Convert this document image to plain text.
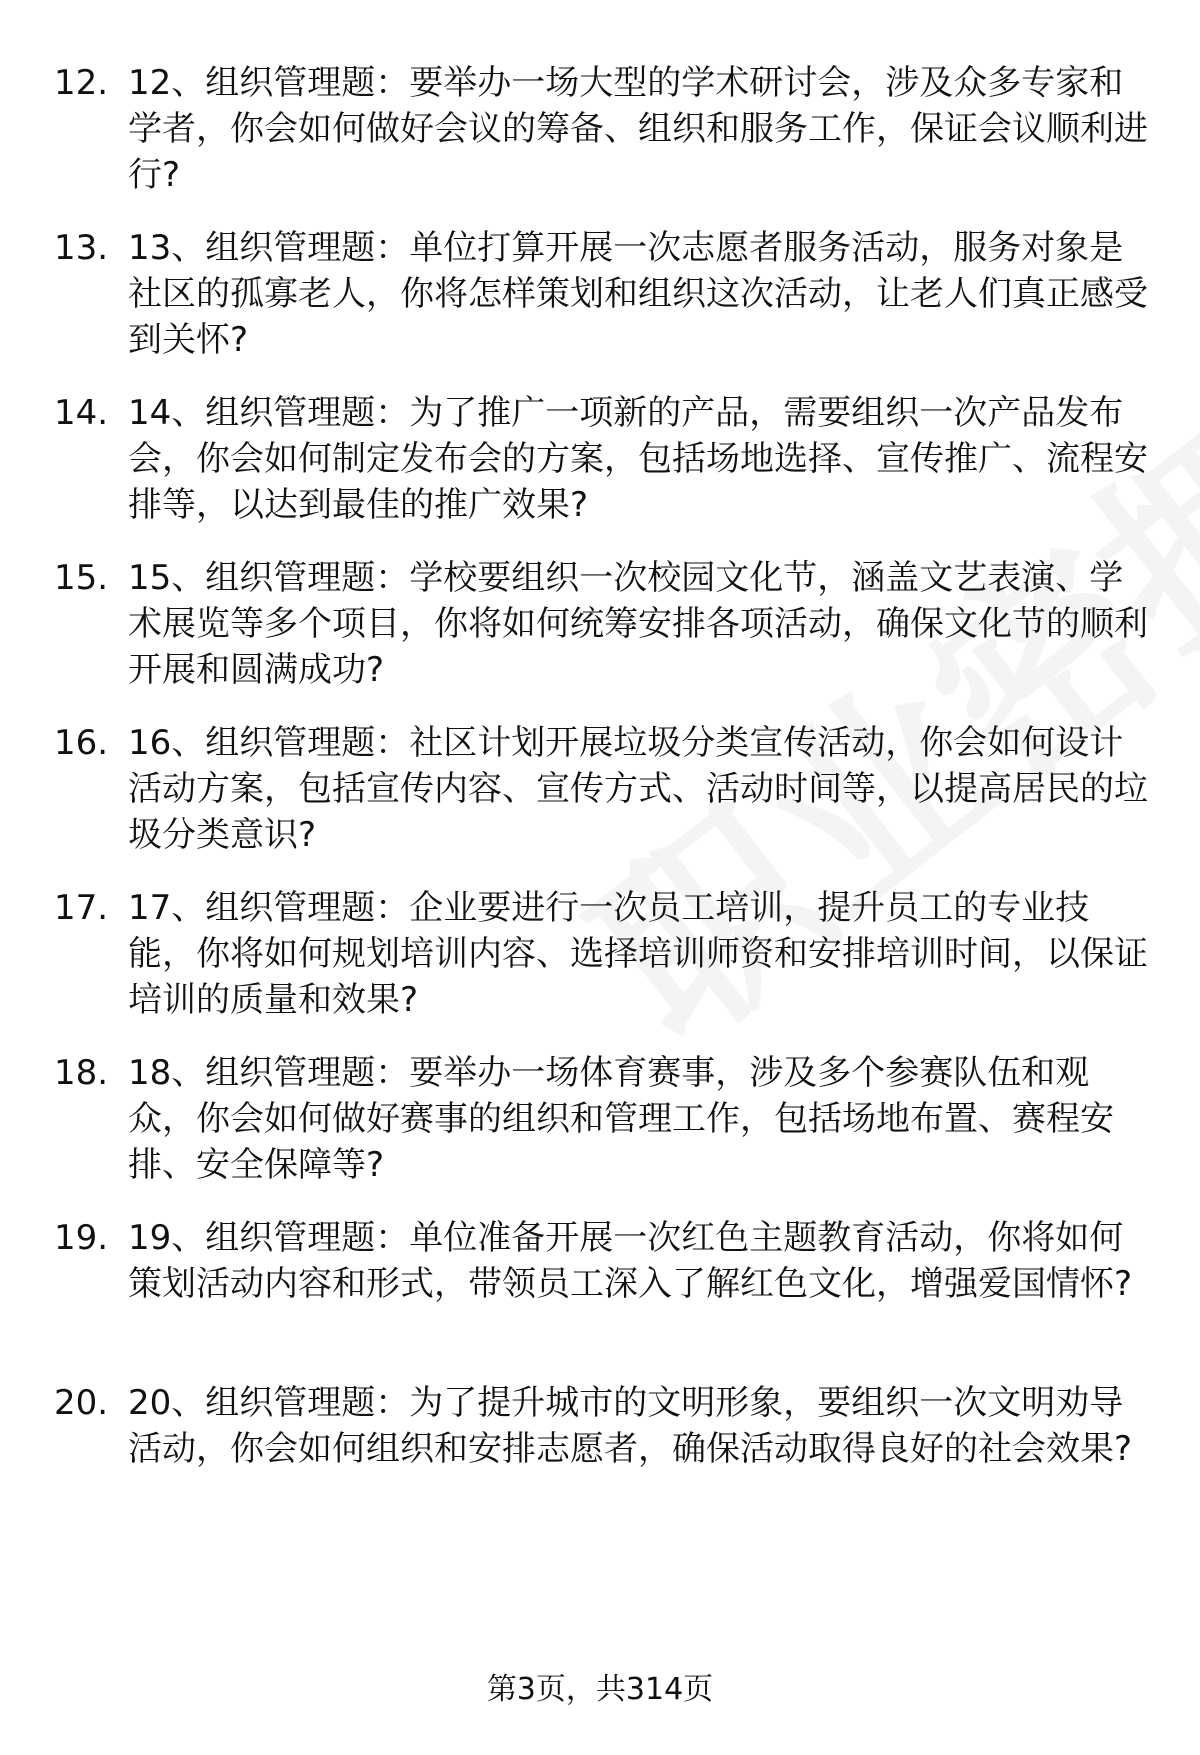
12. 12、组织管理题：要举办一场大型的学术研讨会，涉及众多专家和学者，你会如何做好会议的筹备、组织和服务工作，保证会议顺利进行?
13. 13、组织管理题：单位打算开展一次志愿者服务活动，服务对象是社区的孤寡老人，你将怎样策划和组织这次活动，让老人们真正感受到关怀?
14. 14、组织管理题：为了推广一项新的产品，需要组织一次产品发布会，你会如何制定发布会的方案，包括场地选择、宣传推广、流程安排等，以达到最佳的推广效果?
15. 15、组织管理题：学校要组织一次校园文化节，涵盖文艺表演、学术展览等多个项目，你将如何统筹安排各项活动，确保文化节的顺利开展和圆满成功?
16. 16、组织管理题：社区计划开展垃圾分类宣传活动，你会如何设计活动方案，包括宣传内容、宣传方式、活动时间等，以提高居民的垃圾分类意识?
17. 17、组织管理题：企业要进行一次员工培训，提升员工的专业技能，你将如何规划培训内容、选择培训师资和安排培训时间，以保证培训的质量和效果?
18. 18、组织管理题：要举办一场体育赛事，涉及多个参赛队伍和观众，你会如何做好赛事的组织和管理工作，包括场地布置、赛程安排、安全保障等?
19. 19、组织管理题：单位准备开展一次红色主题教育活动，你将如何策划活动内容和形式，带领员工深入了解红色文化，增强爱国情怀?
20. 20、组织管理题：为了提升城市的文明形象，要组织一次文明劝导活动，你会如何组织和安排志愿者，确保活动取得良好的社会效果?
第3页，共314页
